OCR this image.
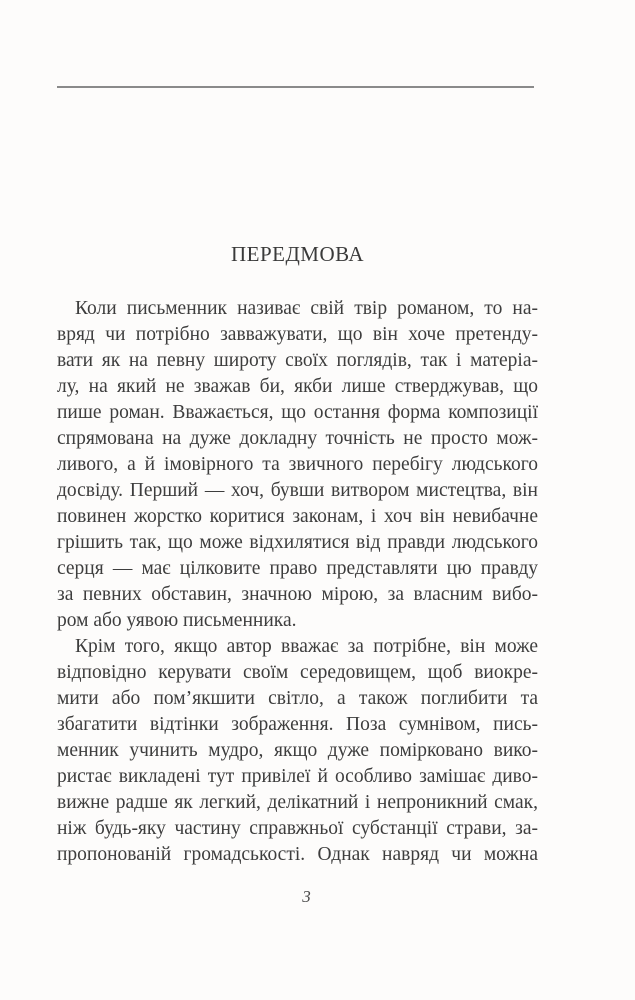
ПЕРЕДМОВА
Коли письменник називає свій твір романом, то на-
вряд чи потрібно завважувати, що він хоче претенду-
вати як на певну широту своїх поглядів, так і матеріа-
лу, на який не зважав би, якби лише стверджував, що
пише роман. Вважається, що остання форма композиції
спрямована на дуже докладну точність не просто мож-
ливого, а й імовірного та звичного перебігу людського
досвіду. Перший — хоч, бувши витвором мистецтва, він
повинен жорстко коритися законам, і хоч він невибачне
грішить так, що може відхилятися від правди людського
серця — має цілковите право представляти цю правду
за певних обставин, значною мірою, за власним вибо-
ром або уявою письменника.
Крім того, якщо автор вважає за потрібне, він може
відповідно керувати своїм середовищем, щоб виокре-
мити або пом’якшити світло, а також поглибити та
збагатити відтінки зображення. Поза сумнівом, пись-
менник учинить мудро, якщо дуже помірковано вико-
ристає викладені тут привілеї й особливо замішає диво-
вижне радше як легкий, делікатний і непроникний смак,
ніж будь-яку частину справжньої субстанції страви, за-
пропонованій громадськості. Однак навряд чи можна
3
